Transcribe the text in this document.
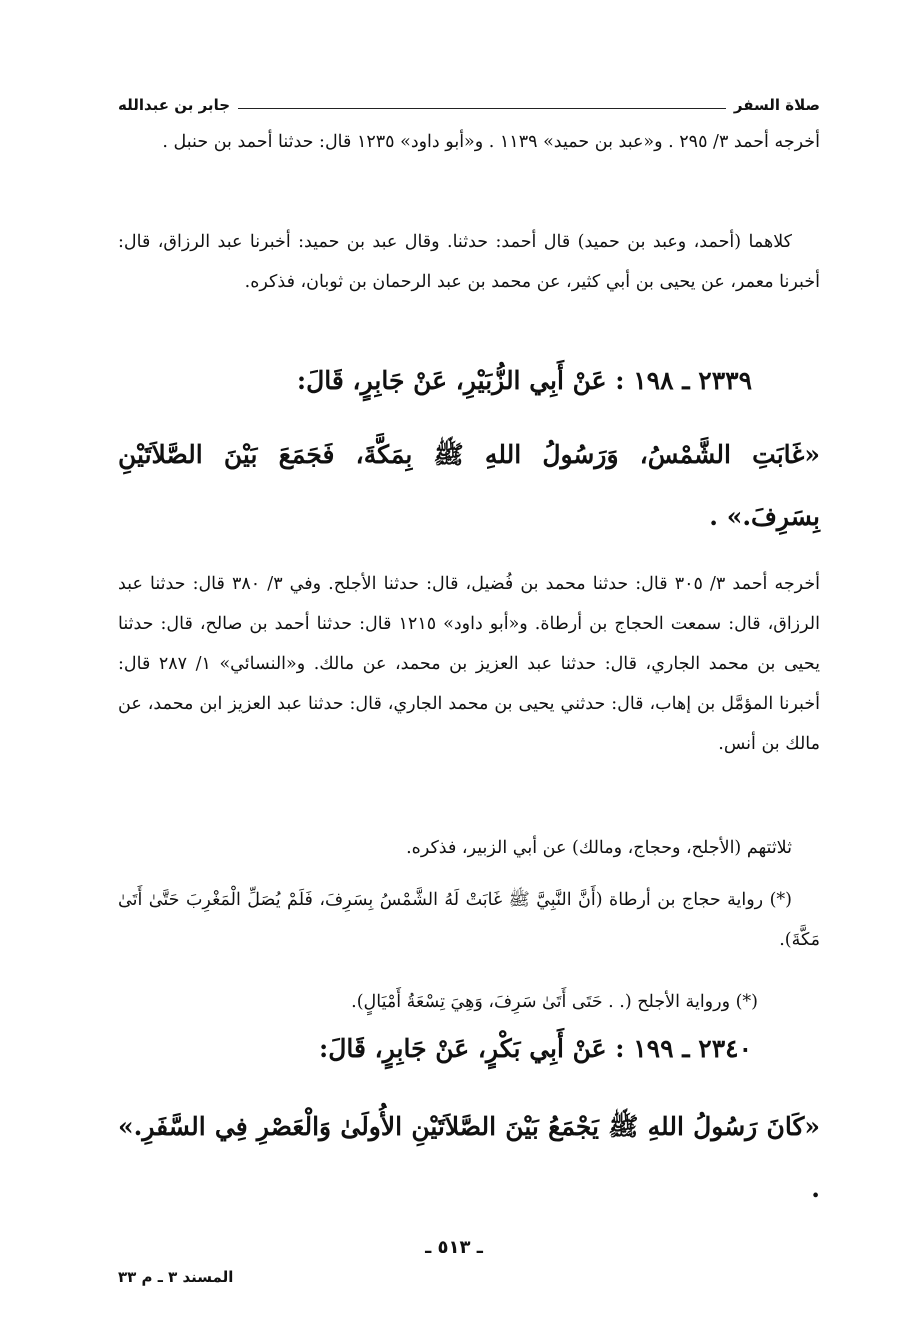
صلاة السفر
جابر بن عبدالله
أخرجه أحمد ٣/ ٢٩٥ . و«عبد بن حميد» ١١٣٩ . و«أبو داود» ١٢٣٥ قال: حدثنا أحمد بن حنبل .
كلاهما (أحمد، وعبد بن حميد) قال أحمد: حدثنا. وقال عبد بن حميد: أخبرنا عبد الرزاق، قال: أخبرنا معمر، عن يحيى بن أبي كثير، عن محمد بن عبد الرحمان بن ثوبان، فذكره.
٢٣٣٩ ـ ١٩٨ : عَنْ أَبِي الزُّبَيْرِ، عَنْ جَابِرٍ، قَالَ:
«غَابَتِ الشَّمْسُ، وَرَسُولُ اللهِ ﷺ بِمَكَّةَ، فَجَمَعَ بَيْنَ الصَّلاَتَيْنِ بِسَرِفَ.» .
أخرجه أحمد ٣/ ٣٠٥ قال: حدثنا محمد بن فُضيل، قال: حدثنا الأجلح. وفي ٣/ ٣٨٠ قال: حدثنا عبد الرزاق، قال: سمعت الحجاج بن أرطاة. و«أبو داود» ١٢١٥ قال: حدثنا أحمد بن صالح، قال: حدثنا يحيى بن محمد الجاري، قال: حدثنا عبد العزيز بن محمد، عن مالك. و«النسائي» ١/ ٢٨٧ قال: أخبرنا المؤمَّل بن إهاب، قال: حدثني يحيى بن محمد الجاري، قال: حدثنا عبد العزيز ابن محمد، عن مالك بن أنس.
ثلاثتهم (الأجلح، وحجاج، ومالك) عن أبي الزبير، فذكره.
(*) رواية حجاج بن أرطاة (أَنَّ النَّبِيَّ ﷺ غَابَتْ لَهُ الشَّمْسُ بِسَرِفَ، فَلَمْ يُصَلِّ الْمَغْرِبَ حَتَّىٰ أَتَىٰ مَكَّةَ).
(*) ورواية الأجلح (. . حَتَى أَتَىٰ سَرِفَ، وَهِيَ تِسْعَةُ أَمْيَالٍ).
٢٣٤٠ ـ ١٩٩ : عَنْ أَبِي بَكْرٍ، عَنْ جَابِرٍ، قَالَ:
«كَانَ رَسُولُ اللهِ ﷺ يَجْمَعُ بَيْنَ الصَّلاَتَيْنِ الأُولَىٰ وَالْعَصْرِ فِي السَّفَرِ.» .
ـ ٥١٣ ـ
المسند ٣ ـ م ٣٣
